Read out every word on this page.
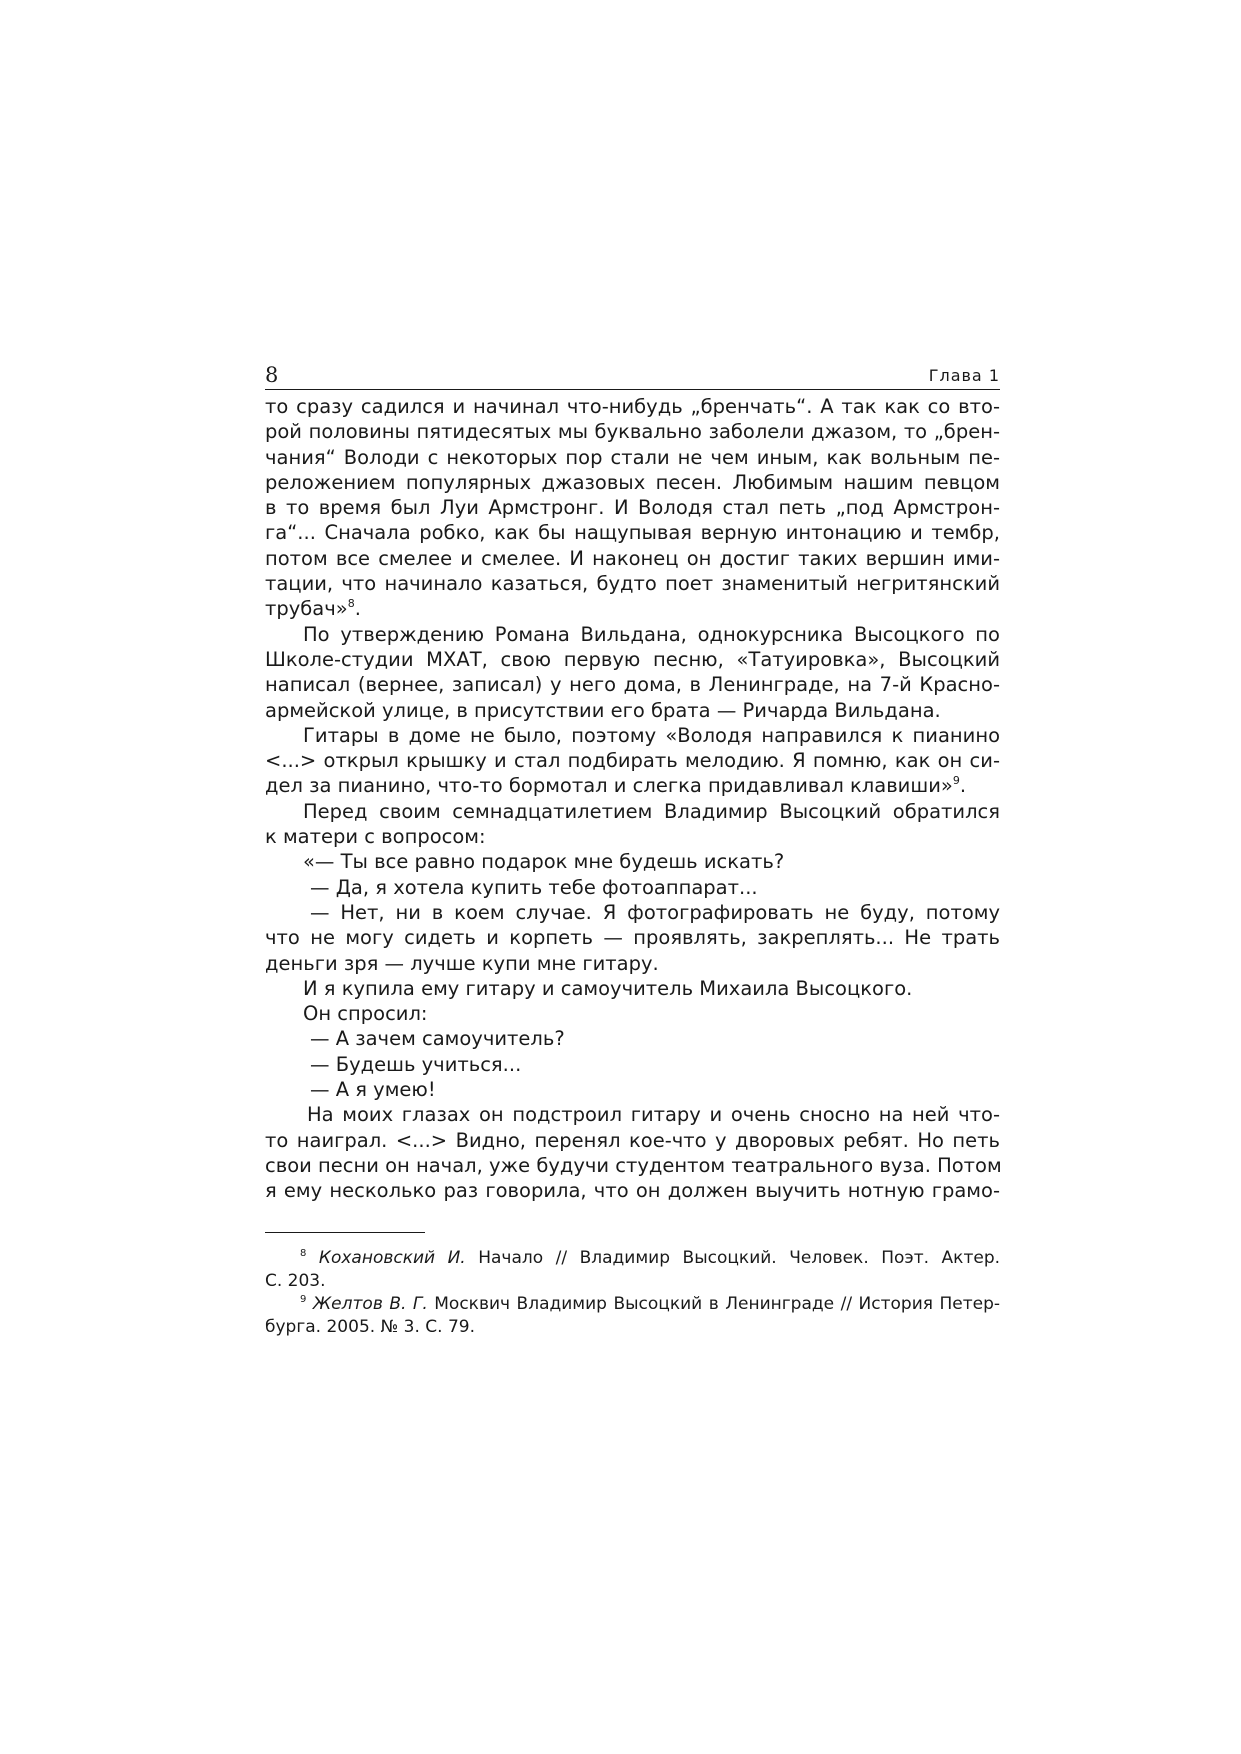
8	Глава 1
то сразу садился и начинал что-нибудь „бренчать“. А так как со вто-
рой половины пятидесятых мы буквально заболели джазом, то „брен-
чания“ Володи с некоторых пор стали не чем иным, как вольным пе-
реложением популярных джазовых песен. Любимым нашим певцом
в то время был Луи Армстронг. И Володя стал петь „под Армстрон-
га“... Сначала робко, как бы нащупывая верную интонацию и тембр,
потом все смелее и смелее. И наконец он достиг таких вершин ими-
тации, что начинало казаться, будто поет знаменитый негритянский
трубач»$^8$.
По утверждению Романа Вильдана, однокурсника Высоцкого по
Школе-студии МХАТ, свою первую песню, «Татуировка», Высоцкий
написал (вернее, записал) у него дома, в Ленинграде, на 7-й Красно-
армейской улице, в присутствии его брата — Ричарда Вильдана.
Гитары в доме не было, поэтому «Володя направился к пианино
<...> открыл крышку и стал подбирать мелодию. Я помню, как он си-
дел за пианино, что-то бормотал и слегка придавливал клавиши»$^9$.
Перед своим семнадцатилетием Владимир Высоцкий обратился
к матери с вопросом:
«— Ты все равно подарок мне будешь искать?
— Да, я хотела купить тебе фотоаппарат...
— Нет, ни в коем случае. Я фотографировать не буду, потому
что не могу сидеть и корпеть — проявлять, закреплять... Не трать
деньги зря — лучше купи мне гитару.
И я купила ему гитару и самоучитель Михаила Высоцкого.
Он спросил:
— А зачем самоучитель?
— Будешь учиться...
— А я умею!
На моих глазах он подстроил гитару и очень сносно на ней что-
то наиграл. <...> Видно, перенял кое-что у дворовых ребят. Но петь
свои песни он начал, уже будучи студентом театрального вуза. Потом
я ему несколько раз говорила, что он должен выучить нотную грамо-
$^8$ Кохановский И. Начало // Владимир Высоцкий. Человек. Поэт. Актер.
С. 203.
$^9$ Желтов В. Г. Москвич Владимир Высоцкий в Ленинграде // История Петер-
бурга. 2005. № 3. С. 79.
